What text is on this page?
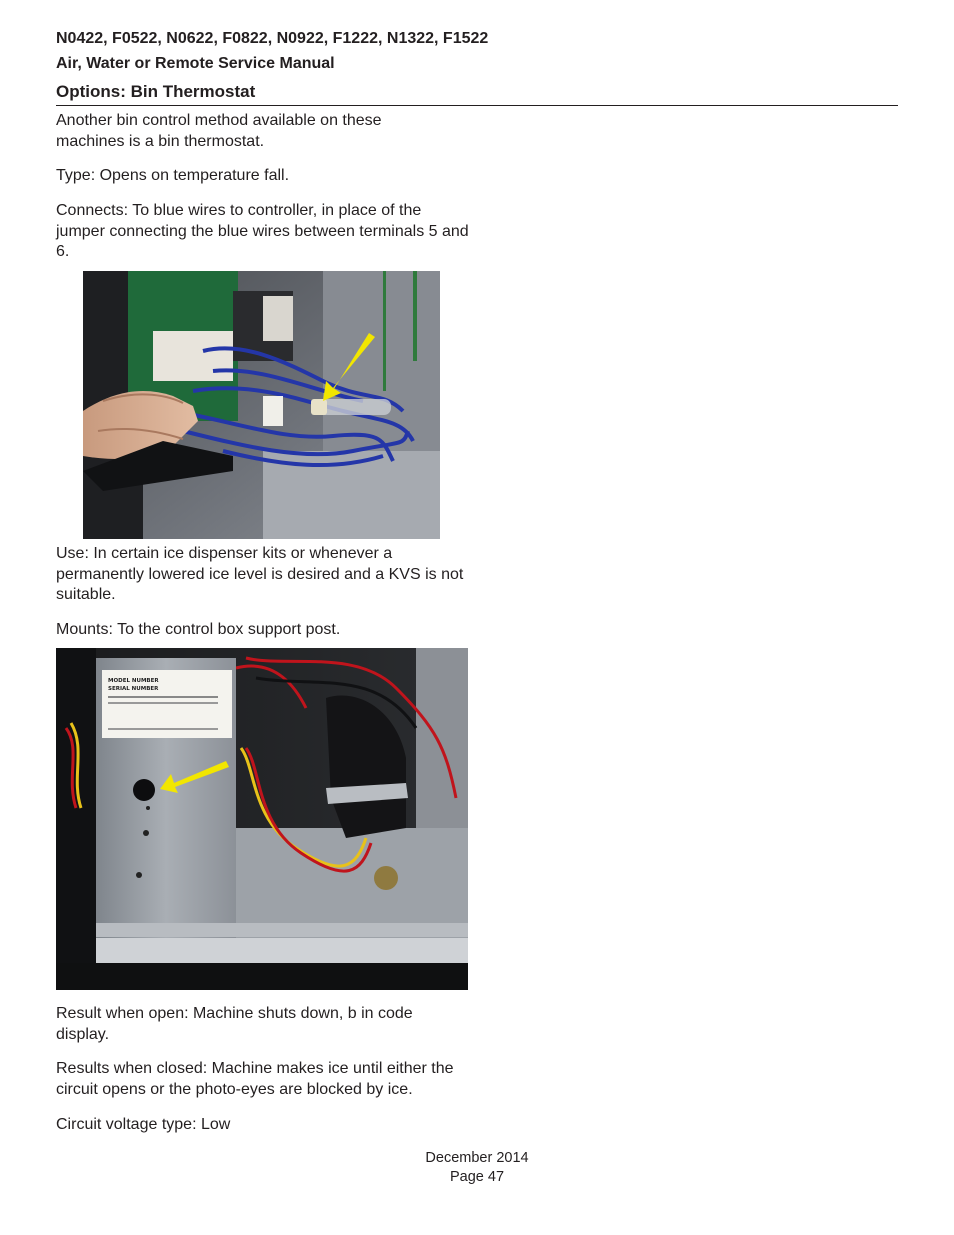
N0422, F0522, N0622, F0822, N0922, F1222, N1322, F1522
Air, Water or Remote Service Manual
Options: Bin Thermostat

Another bin control method available on these machines is a bin thermostat.

Type: Opens on temperature fall.

Connects: To blue wires to controller, in place of the jumper connecting the blue wires between terminals 5 and 6.

Use: In certain ice dispenser kits or whenever a permanently lowered ice level is desired and a KVS is not suitable.

Mounts: To the control box support post.

MODEL NUMBER
SERIAL NUMBER

Result when open: Machine shuts down, b in code display.

Results when closed: Machine makes ice until either the circuit opens or the photo-eyes are blocked by ice.

Circuit voltage type: Low

December 2014
Page 47
